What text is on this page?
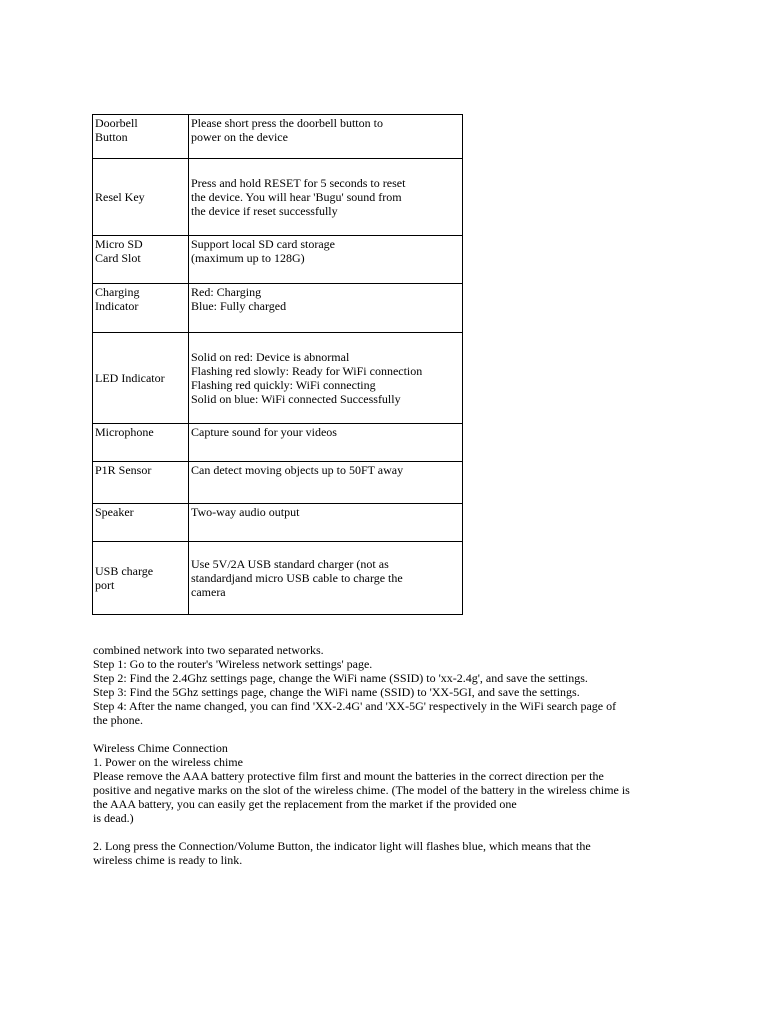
Doorbell
Button	Please short press the doorbell button to
power on the device
Resel Key	Press and hold RESET for 5 seconds to reset
the device. You will hear 'Bugu' sound from
the device if reset successfully
Micro SD
Card Slot	Support local SD card storage
(maximum up to 128G)
Charging
Indicator	Red: Charging
Blue: Fully charged
LED Indicator	Solid on red: Device is abnormal
Flashing red slowly: Ready for WiFi connection
Flashing red quickly: WiFi connecting
Solid on blue: WiFi connected Successfully
Microphone	Capture sound for your videos
P1R Sensor	Can detect moving objects up to 50FT away
Speaker	Two-way audio output
USB charge
port	Use 5V/2A USB standard charger (not as
standardjand micro USB cable to charge the
camera

combined network into two separated networks.

Step 1: Go to the router's 'Wireless network settings' page.

Step 2: Find the 2.4Ghz settings page, change the WiFi name (SSID) to 'xx-2.4g', and save the settings.

Step 3: Find the 5Ghz settings page, change the WiFi name (SSID) to 'XX-5GI, and save the settings.

Step 4: After the name changed, you can find 'XX-2.4G' and 'XX-5G' respectively in the WiFi search page of
the phone.

Wireless Chime Connection

1. Power on the wireless chime

Please remove the AAA battery protective film first and mount the batteries in the correct direction per the
positive and negative marks on the slot of the wireless chime. (The model of the battery in the wireless chime is
the AAA battery, you can easily get the replacement from the market if the provided one
is dead.)

2. Long press the Connection/Volume Button, the indicator light will flashes blue, which means that the
wireless chime is ready to link.
